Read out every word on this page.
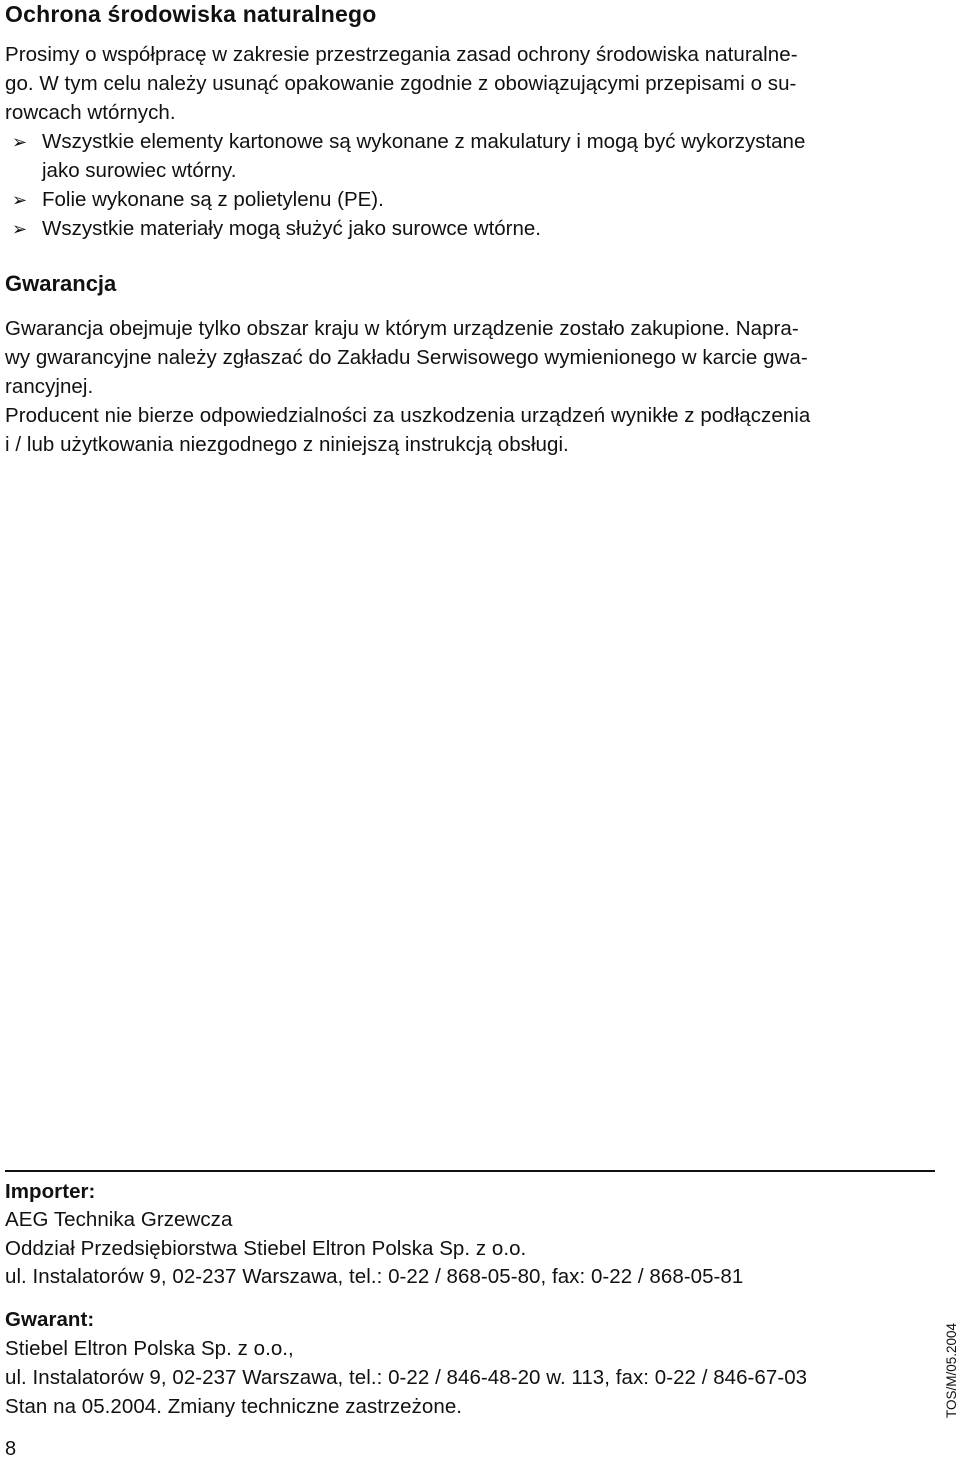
Ochrona środowiska naturalnego
Prosimy o współpracę w zakresie przestrzegania zasad ochrony środowiska naturalne-
go. W tym celu należy usunąć opakowanie zgodnie z obowiązującymi przepisami o su-
rowcach wtórnych.
➢ Wszystkie elementy kartonowe są wykonane z makulatury i mogą być wykorzystane
jako surowiec wtórny.
➢ Folie wykonane są z polietylenu (PE).
➢ Wszystkie materiały mogą służyć jako surowce wtórne.
Gwarancja
Gwarancja obejmuje tylko obszar kraju w którym urządzenie zostało zakupione. Napra-
wy gwarancyjne należy zgłaszać do Zakładu Serwisowego wymienionego w karcie gwa-
rancyjnej.
Producent nie bierze odpowiedzialności za uszkodzenia urządzeń wynikłe z podłączenia
i / lub użytkowania niezgodnego z niniejszą instrukcją obsługi.
Importer:
AEG Technika Grzewcza
Oddział Przedsiębiorstwa Stiebel Eltron Polska Sp. z o.o.
ul. Instalatorów 9, 02-237 Warszawa, tel.: 0-22 / 868-05-80, fax: 0-22 / 868-05-81
Gwarant:
Stiebel Eltron Polska Sp. z o.o.,
ul. Instalatorów 9, 02-237 Warszawa, tel.: 0-22 / 846-48-20 w. 113, fax: 0-22 / 846-67-03
Stan na 05.2004. Zmiany techniczne zastrzeżone.	TOS/M/05.2004
8
